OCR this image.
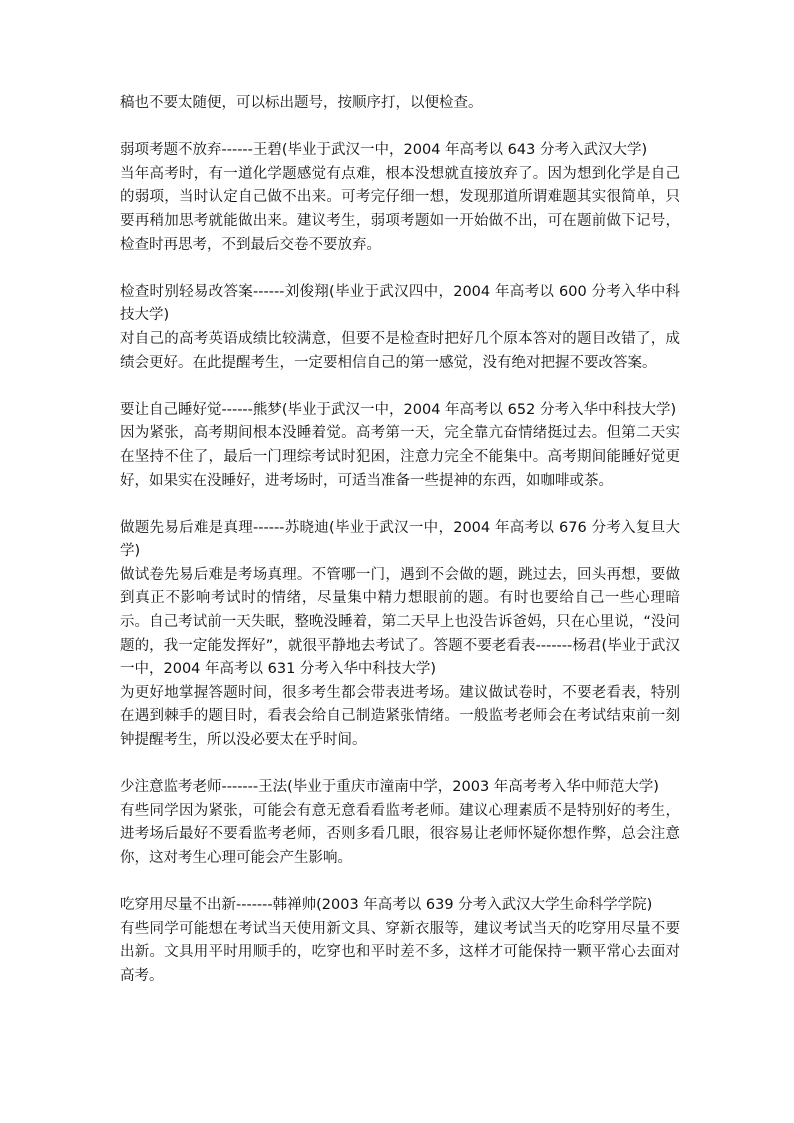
稿也不要太随便，可以标出题号，按顺序打，以便检查。

弱项考题不放弃------王碧(毕业于武汉一中，2004 年高考以 643 分考入武汉大学)

当年高考时，有一道化学题感觉有点难，根本没想就直接放弃了。因为想到化学是自己的弱项，当时认定自己做不出来。可考完仔细一想，发现那道所谓难题其实很简单，只要再稍加思考就能做出来。建议考生，弱项考题如一开始做不出，可在题前做下记号，检查时再思考，不到最后交卷不要放弃。

检查时别轻易改答案------刘俊翔(毕业于武汉四中，2004 年高考以 600 分考入华中科技大学)

对自己的高考英语成绩比较满意，但要不是检查时把好几个原本答对的题目改错了，成绩会更好。在此提醒考生，一定要相信自己的第一感觉，没有绝对把握不要改答案。

要让自己睡好觉------熊梦(毕业于武汉一中，2004 年高考以 652 分考入华中科技大学)

因为紧张，高考期间根本没睡着觉。高考第一天，完全靠亢奋情绪挺过去。但第二天实在坚持不住了，最后一门理综考试时犯困，注意力完全不能集中。高考期间能睡好觉更好，如果实在没睡好，进考场时，可适当准备一些提神的东西，如咖啡或茶。

做题先易后难是真理------苏晓迪(毕业于武汉一中，2004 年高考以 676 分考入复旦大学)

做试卷先易后难是考场真理。不管哪一门，遇到不会做的题，跳过去，回头再想，要做到真正不影响考试时的情绪，尽量集中精力想眼前的题。有时也要给自己一些心理暗示。自己考试前一天失眠，整晚没睡着，第二天早上也没告诉爸妈，只在心里说，“没问题的，我一定能发挥好”，就很平静地去考试了。答题不要老看表-------杨君(毕业于武汉一中，2004 年高考以 631 分考入华中科技大学)

为更好地掌握答题时间，很多考生都会带表进考场。建议做试卷时，不要老看表，特别在遇到棘手的题目时，看表会给自己制造紧张情绪。一般监考老师会在考试结束前一刻钟提醒考生，所以没必要太在乎时间。

少注意监考老师-------王法(毕业于重庆市潼南中学，2003 年高考考入华中师范大学)

有些同学因为紧张，可能会有意无意看看监考老师。建议心理素质不是特别好的考生，进考场后最好不要看监考老师，否则多看几眼，很容易让老师怀疑你想作弊，总会注意你，这对考生心理可能会产生影响。

吃穿用尽量不出新-------韩禅帅(2003 年高考以 639 分考入武汉大学生命科学学院)

有些同学可能想在考试当天使用新文具、穿新衣服等，建议考试当天的吃穿用尽量不要出新。文具用平时用顺手的，吃穿也和平时差不多，这样才可能保持一颗平常心去面对高考。
